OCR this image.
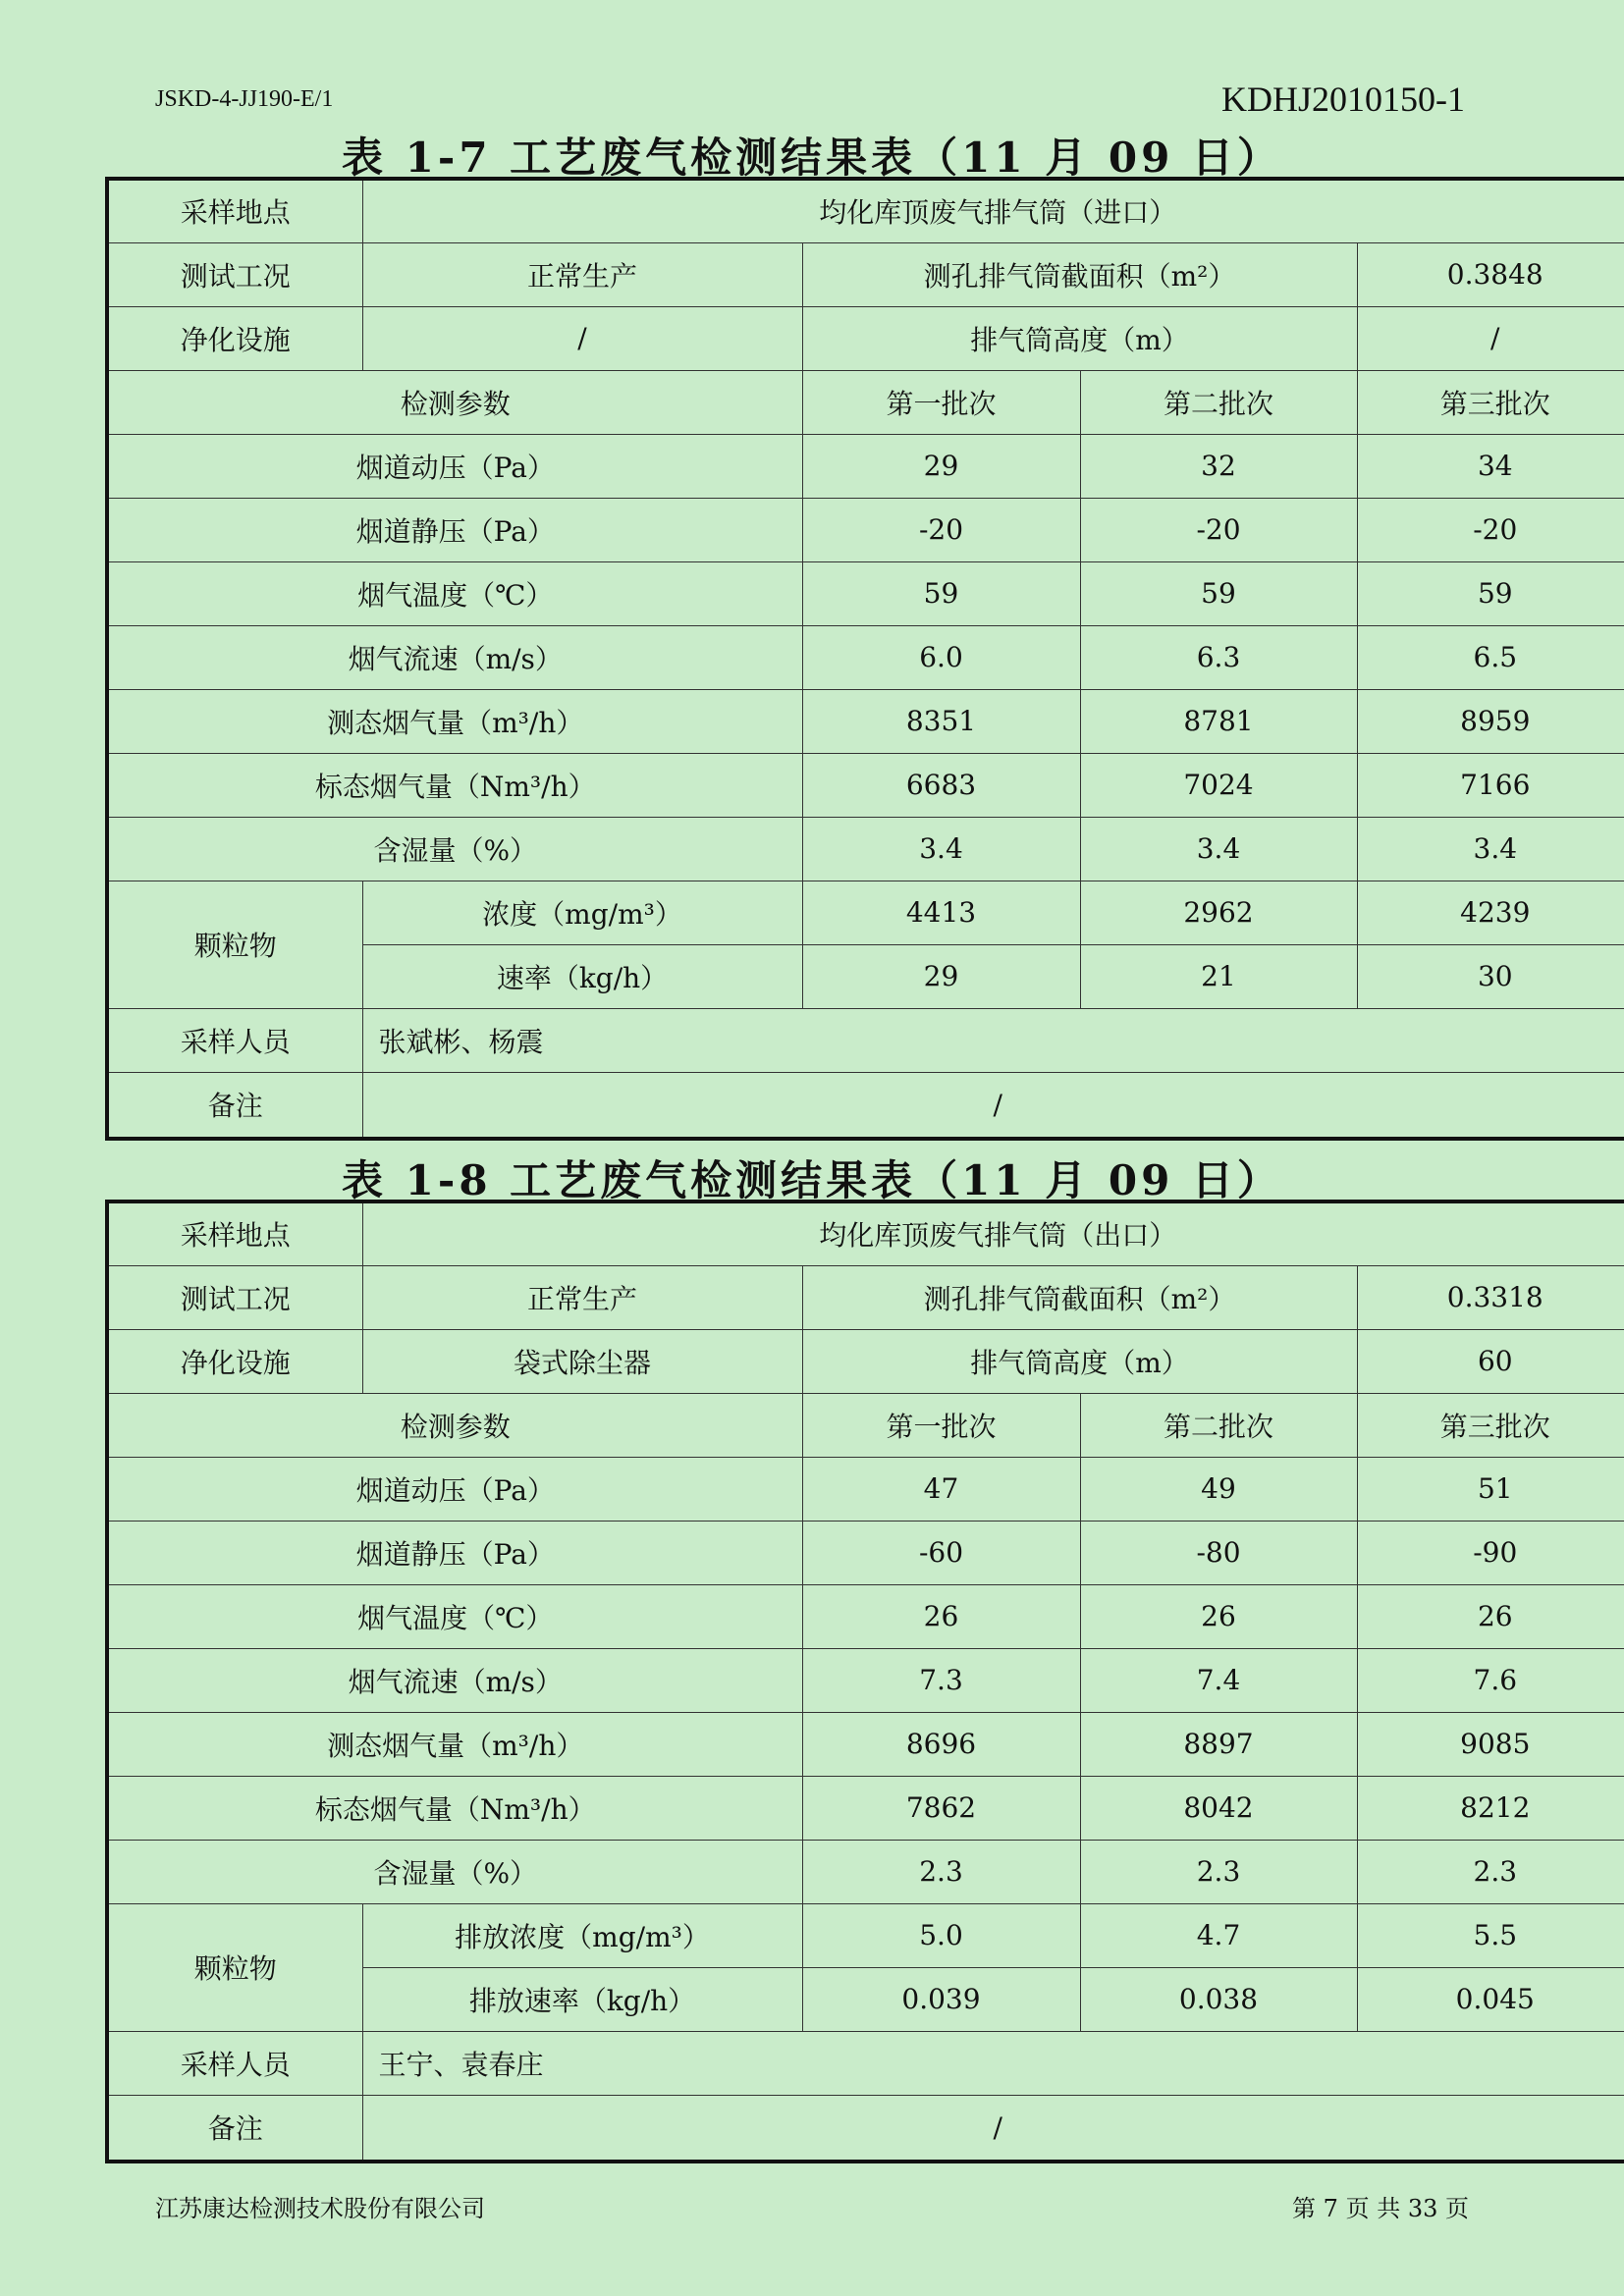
JSKD-4-JJ190-E/1	KDHJ2010150-1
表 1-7 工艺废气检测结果表（11 月 09 日）
采样地点	均化库顶废气排气筒（进口）			
测试工况	正常生产	测孔排气筒截面积（m²）		0.3848
净化设施	/	排气筒高度（m）		/
检测参数		第一批次	第二批次	第三批次
烟道动压（Pa）		29	32	34
烟道静压（Pa）		-20	-20	-20
烟气温度（℃）		59	59	59
烟气流速（m/s）		6.0	6.3	6.5
测态烟气量（m³/h）		8351	8781	8959
标态烟气量（Nm³/h）		6683	7024	7166
含湿量（%）		3.4	3.4	3.4
颗粒物	浓度（mg/m³）	4413	2962	4239
	速率（kg/h）	29	21	30
采样人员	张斌彬、杨震			
备注	/			
表 1-8 工艺废气检测结果表（11 月 09 日）
采样地点	均化库顶废气排气筒（出口）			
测试工况	正常生产	测孔排气筒截面积（m²）		0.3318
净化设施	袋式除尘器	排气筒高度（m）		60
检测参数		第一批次	第二批次	第三批次
烟道动压（Pa）		47	49	51
烟道静压（Pa）		-60	-80	-90
烟气温度（℃）		26	26	26
烟气流速（m/s）		7.3	7.4	7.6
测态烟气量（m³/h）		8696	8897	9085
标态烟气量（Nm³/h）		7862	8042	8212
含湿量（%）		2.3	2.3	2.3
颗粒物	排放浓度（mg/m³）	5.0	4.7	5.5
	排放速率（kg/h）	0.039	0.038	0.045
采样人员	王宁、袁春庄			
备注	/			
江苏康达检测技术股份有限公司	第 7 页 共 33 页
